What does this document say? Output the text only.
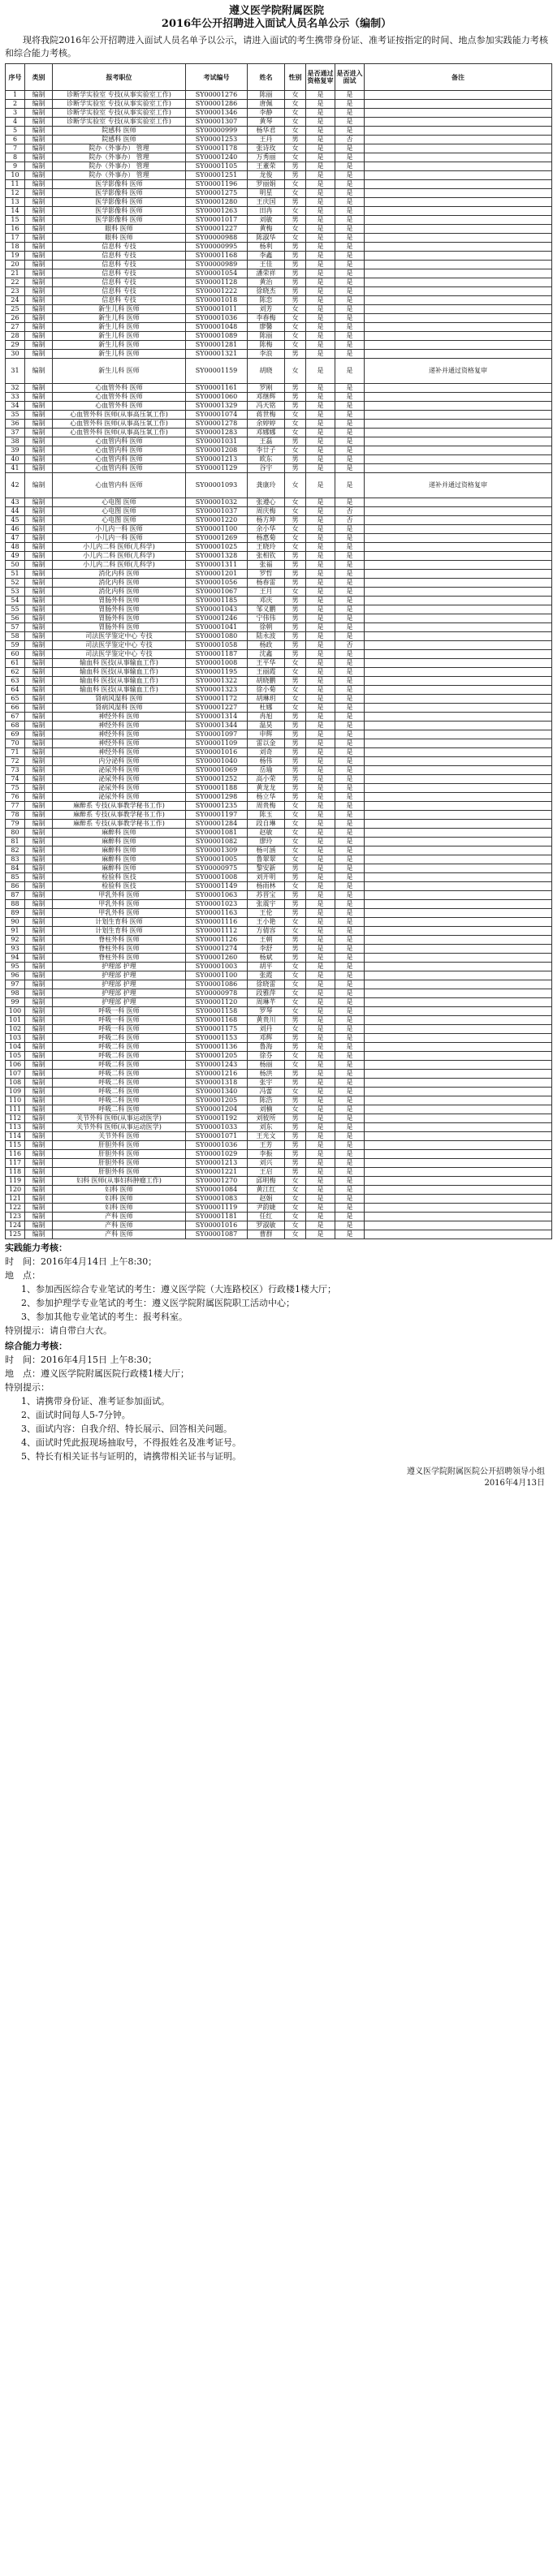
遵义医学院附属医院

2016年公开招聘进入面试人员名单公示（编制）

现将我院2016年公开招聘进入面试人员名单予以公示，请进入面试的考生携带身份证、准考证按指定的时间、地点参加实践能力考核和综合能力考核。

序号	类别	报考职位	考试编号	姓名	性别	是否通过资格复审	是否进入面试	备注
1	编制	诊断学实验室 专技(从事实验室工作)	SY00001276	陈丽	女	是	是	
2	编制	诊断学实验室 专技(从事实验室工作)	SY00001286	唐佩	女	是	是	
3	编制	诊断学实验室 专技(从事实验室工作)	SY00001346	李静	女	是	是	
4	编制	诊断学实验室 专技(从事实验室工作)	SY00001307	黄琴	女	是	是	
5	编制	院感科 医师	SY00000999	杨华君	女	是	是	
6	编制	院感科 医师	SY00001253	王丹	男	是	否	
7	编制	院办（外事办） 管理	SY00001178	张诗玫	女	是	是	
8	编制	院办（外事办） 管理	SY00001240	万秀丽	女	是	是	
9	编制	院办（外事办） 管理	SY00001105	王董荣	男	是	是	
10	编制	院办（外事办） 管理	SY00001251	龙俊	男	是	是	
11	编制	医学影像科 医师	SY00001196	罗丽娟	女	是	是	
12	编制	医学影像科 医师	SY00001275	明星	女	是	是	
13	编制	医学影像科 医师	SY00001280	王庆国	男	是	是	
14	编制	医学影像科 医师	SY00001263	田冉	女	是	是	
15	编制	医学影像科 医师	SY00001017	刘敏	男	是	是	
16	编制	眼科 医师	SY00001227	黄梅	女	是	是	
17	编制	眼科 医师	SY00000988	陈淑华	女	是	是	
18	编制	信息科 专技	SY00000995	杨利	男	是	是	
19	编制	信息科 专技	SY00001168	李鑫	男	是	是	
20	编制	信息科 专技	SY00000989	王佳	男	是	是	
21	编制	信息科 专技	SY00001054	潘荣祥	男	是	是	
22	编制	信息科 专技	SY00001128	黄治	男	是	是	
23	编制	信息科 专技	SY00001222	徐晓杰	男	是	是	
24	编制	信息科 专技	SY00001018	陈恋	男	是	是	
25	编制	新生儿科 医师	SY00001011	刘芳	女	是	是	
26	编制	新生儿科 医师	SY00001036	李春梅	女	是	是	
27	编制	新生儿科 医师	SY00001048	廖馨	女	是	是	
28	编制	新生儿科 医师	SY00001089	陈丽	女	是	是	
29	编制	新生儿科 医师	SY00001281	陈梅	女	是	是	
30	编制	新生儿科 医师	SY00001321	李浪	男	是	是	
31	编制	新生儿科 医师	SY00001159	胡晓	女	是	是	递补并通过资格复审
32	编制	心血管外科 医师	SY00001161	罗刚	男	是	是	
33	编制	心血管外科 医师	SY00001060	邓继辉	男	是	是	
34	编制	心血管外科 医师	SY00001329	冯天铭	男	是	是	
35	编制	心血管外科 医师(从事高压氧工作)	SY00001074	蒋世梅	女	是	是	
36	编制	心血管外科 医师(从事高压氧工作)	SY00001278	余婷婷	女	是	是	
37	编制	心血管外科 医师(从事高压氧工作)	SY00001283	邓娜娜	女	是	是	
38	编制	心血管内科 医师	SY00001031	王磊	男	是	是	
39	编制	心血管内科 医师	SY00001208	李廿子	女	是	是	
40	编制	心血管内科 医师	SY00001213	欧东	男	是	是	
41	编制	心血管内科 医师	SY00001129	谷宇	男	是	是	
42	编制	心血管内科 医师	SY00001093	龚康玲	女	是	是	递补并通过资格复审
43	编制	心电图 医师	SY00001032	张遵心	女	是	是	
44	编制	心电图 医师	SY00001037	周庆梅	女	是	否	
45	编制	心电图 医师	SY00001220	杨方坤	男	是	否	
46	编制	小儿内一科 医师	SY00001100	余小华	女	是	是	
47	编制	小儿内一科 医师	SY00001269	杨惠菊	女	是	是	
48	编制	小儿内二科 医师(儿科学)	SY00001025	王晓玲	女	是	是	
49	编制	小儿内二科 医师(儿科学)	SY00001328	张相钦	男	是	是	
50	编制	小儿内二科 医师(儿科学)	SY00001311	张福	男	是	是	
51	编制	消化内科 医师	SY00001201	罗哲	男	是	是	
52	编制	消化内科 医师	SY00001056	杨春雷	男	是	是	
53	编制	消化内科 医师	SY00001067	王月	女	是	是	
54	编制	胃肠外科 医师	SY00001185	邓庆	男	是	是	
55	编制	胃肠外科 医师	SY00001043	邹义鹏	男	是	是	
56	编制	胃肠外科 医师	SY00001246	宁伟伟	男	是	是	
57	编制	胃肠外科 医师	SY00001041	徐朝	男	是	是	
58	编制	司法医学鉴定中心 专技	SY00001080	陆永波	男	是	是	
59	编制	司法医学鉴定中心 专技	SY00001058	杨政	男	是	否	
60	编制	司法医学鉴定中心 专技	SY00001187	沈鑫	男	是	是	
61	编制	输血科 医技(从事输血工作)	SY00001008	王平华	女	是	是	
62	编制	输血科 医技(从事输血工作)	SY00001195	王丽霞	女	是	是	
63	编制	输血科 医技(从事输血工作)	SY00001322	胡晓鹏	男	是	是	
64	编制	输血科 医技(从事输血工作)	SY00001323	徐小菊	女	是	是	
65	编制	肾病风湿科 医师	SY00001172	胡琳玥	女	是	是	
66	编制	肾病风湿科 医师	SY00001227	杜娜	女	是	是	
67	编制	神经外科 医师	SY00001314	冉旭	男	是	是	
68	编制	神经外科 医师	SY00001344	温昊	男	是	是	
69	编制	神经外科 医师	SY00001097	申辉	男	是	是	
70	编制	神经外科 医师	SY00001109	雷以金	男	是	是	
71	编制	神经外科 医师	SY00001016	刘奇	男	是	是	
72	编制	内分泌科 医师	SY00001040	杨伟	男	是	是	
73	编制	泌尿外科 医师	SY00001069	岳瑜	男	是	是	
74	编制	泌尿外科 医师	SY00001252	高小荣	男	是	是	
75	编制	泌尿外科 医师	SY00001188	黄龙龙	男	是	是	
76	编制	泌尿外科 医师	SY00001298	杨立华	男	是	是	
77	编制	麻醉系 专技(从事教学秘书工作)	SY00001235	周贵梅	女	是	是	
78	编制	麻醉系 专技(从事教学秘书工作)	SY00001197	陈玉	女	是	是	
79	编制	麻醉系 专技(从事教学秘书工作)	SY00001284	段自琳	女	是	是	
80	编制	麻醉科 医师	SY00001081	赵敏	女	是	是	
81	编制	麻醉科 医师	SY00001082	廖玲	女	是	是	
82	编制	麻醉科 医师	SY00001309	杨可涵	女	是	是	
83	编制	麻醉科 医师	SY00001005	鲁翠翠	女	是	是	
84	编制	麻醉科 医师	SY00000975	黎安新	男	是	是	
85	编制	检验科 医技	SY00001008	刘开明	男	是	是	
86	编制	检验科 医技	SY00001149	杨雨林	女	是	是	
87	编制	甲乳外科 医师	SY00001063	苏晋宝	男	是	是	
88	编制	甲乳外科 医师	SY00001023	张震宇	男	是	是	
89	编制	甲乳外科 医师	SY00001163	王伦	男	是	是	
90	编制	计划生育科 医师	SY00001116	王小艳	女	是	是	
91	编制	计划生育科 医师	SY00001112	方倩容	女	是	是	
92	编制	脊柱外科 医师	SY00001126	王朝	男	是	是	
93	编制	脊柱外科 医师	SY00001274	李舒	男	是	是	
94	编制	脊柱外科 医师	SY00001260	杨斌	男	是	是	
95	编制	护理部 护理	SY00001003	胡平	女	是	是	
96	编制	护理部 护理	SY00001100	张霞	女	是	是	
97	编制	护理部 护理	SY00001086	徐晓雷	女	是	是	
98	编制	护理部 护理	SY00000978	段雅萍	女	是	是	
99	编制	护理部 护理	SY00001120	周琳芊	女	是	是	
100	编制	呼吸一科 医师	SY00001158	罗琴	女	是	是	
101	编制	呼吸一科 医师	SY00001168	黄贵川	男	是	是	
102	编制	呼吸一科 医师	SY00001175	刘丹	女	是	是	
103	编制	呼吸二科 医师	SY00001153	邓辉	男	是	是	
104	编制	呼吸二科 医师	SY00001136	鲁海	男	是	是	
105	编制	呼吸二科 医师	SY00001205	徐芬	女	是	是	
106	编制	呼吸二科 医师	SY00001243	杨丽	女	是	是	
107	编制	呼吸二科 医师	SY00001216	杨洪	男	是	是	
108	编制	呼吸二科 医师	SY00001318	张宇	男	是	是	
109	编制	呼吸二科 医师	SY00001340	冯蕾	女	是	是	
110	编制	呼吸二科 医师	SY00001205	陈浩	男	是	是	
111	编制	呼吸二科 医师	SY00001204	刘楠	女	是	是	
112	编制	关节外科 医师(从事运动医学)	SY00001192	刘彼所	男	是	是	
113	编制	关节外科 医师(从事运动医学)	SY00001033	刘东	男	是	是	
114	编制	关节外科 医师	SY00001071	王光文	男	是	是	
115	编制	肝胆外科 医师	SY00001036	王芳	男	是	是	
116	编制	肝胆外科 医师	SY00001029	李振	男	是	是	
117	编制	肝胆外科 医师	SY00001213	刘兴	男	是	是	
118	编制	肝胆外科 医师	SY00001221	王启	男	是	是	
119	编制	妇科 医师(从事妇科肿瘤工作)	SY00001270	邱明梅	女	是	是	
120	编制	妇科 医师	SY00001084	黄江红	女	是	是	
121	编制	妇科 医师	SY00001083	赵娟	女	是	是	
122	编制	妇科 医师	SY00001119	尹韵婕	女	是	是	
123	编制	产科 医师	SY00001181	任红	女	是	是	
124	编制	产科 医师	SY00001016	罗淑敏	女	是	是	
125	编制	产科 医师	SY00001087	曹群	女	是	是	

实践能力考核：

时　间：2016年4月14日 上午8:30；

地　点：

1、参加西医综合专业笔试的考生：遵义医学院（大连路校区）行政楼1楼大厅；

2、参加护理学专业笔试的考生：遵义医学院附属医院职工活动中心；

3、参加其他专业笔试的考生：报考科室。

特别提示：请自带白大衣。

综合能力考核：

时　间：2016年4月15日 上午8:30；

地　点：遵义医学院附属医院行政楼1楼大厅；

特别提示：

1、请携带身份证、准考证参加面试。

2、面试时间每人5-7分钟。

3、面试内容：自我介绍、特长展示、回答相关问题。

4、面试时凭此报现场抽取号，不得报姓名及准考证号。

5、特长有相关证书与证明的，请携带相关证书与证明。

遵义医学院附属医院公开招聘领导小组

2016年4月13日
